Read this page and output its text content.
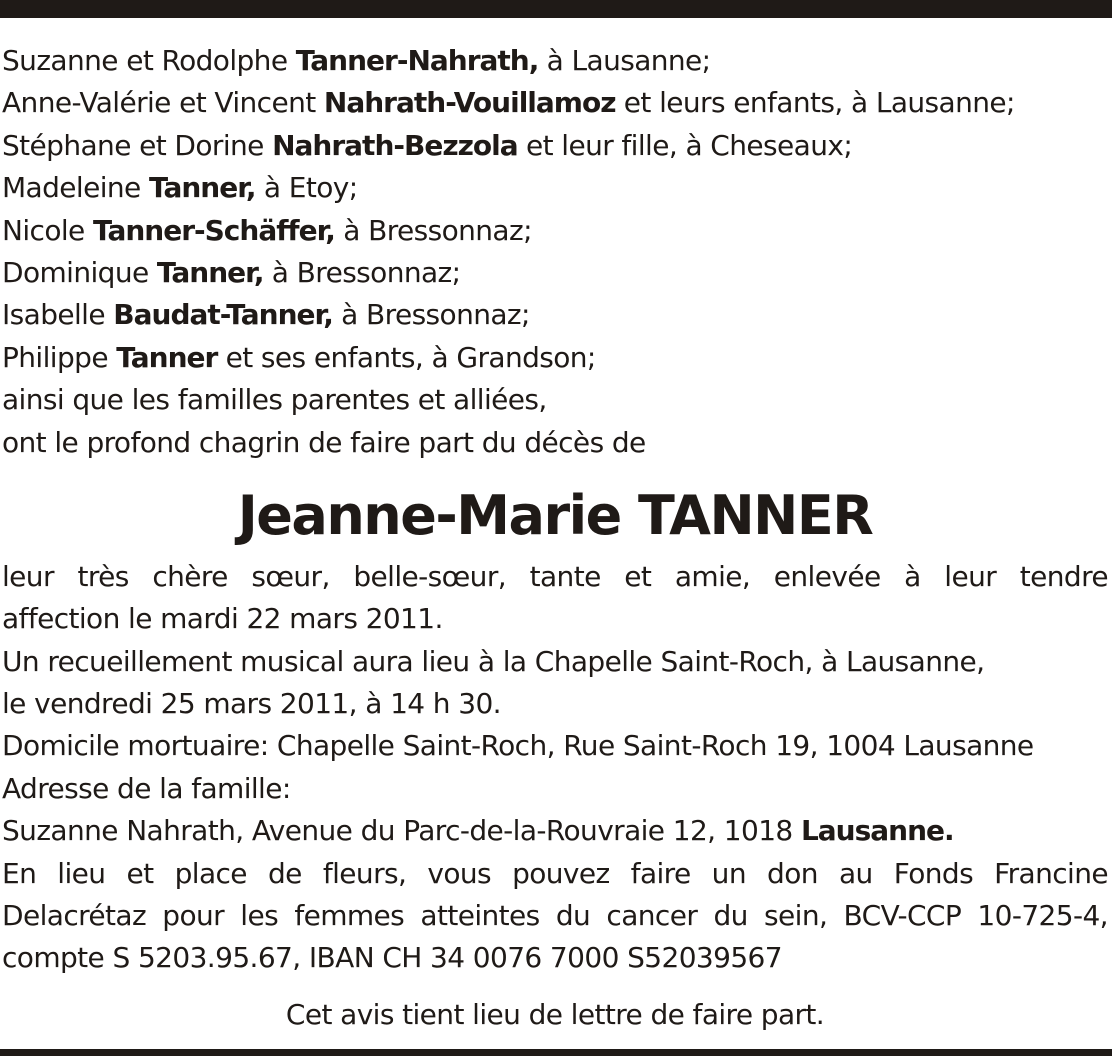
Suzanne et Rodolphe Tanner-Nahrath, à Lausanne;
Anne-Valérie et Vincent Nahrath-Vouillamoz et leurs enfants, à Lausanne;
Stéphane et Dorine Nahrath-Bezzola et leur fille, à Cheseaux;
Madeleine Tanner, à Etoy;
Nicole Tanner-Schäffer, à Bressonnaz;
Dominique Tanner, à Bressonnaz;
Isabelle Baudat-Tanner, à Bressonnaz;
Philippe Tanner et ses enfants, à Grandson;
ainsi que les familles parentes et alliées,
ont le profond chagrin de faire part du décès de
Jeanne-Marie TANNER
leur très chère sœur, belle-sœur, tante et amie, enlevée à leur tendre
affection le mardi 22 mars 2011.
Un recueillement musical aura lieu à la Chapelle Saint-Roch, à Lausanne,
le vendredi 25 mars 2011, à 14 h 30.
Domicile mortuaire: Chapelle Saint-Roch, Rue Saint-Roch 19, 1004 Lausanne
Adresse de la famille:
Suzanne Nahrath, Avenue du Parc-de-la-Rouvraie 12, 1018 Lausanne.
En lieu et place de fleurs, vous pouvez faire un don au Fonds Francine
Delacrétaz pour les femmes atteintes du cancer du sein, BCV-CCP 10-725-4,
compte S 5203.95.67, IBAN CH 34 0076 7000 S52039567
Cet avis tient lieu de lettre de faire part.
